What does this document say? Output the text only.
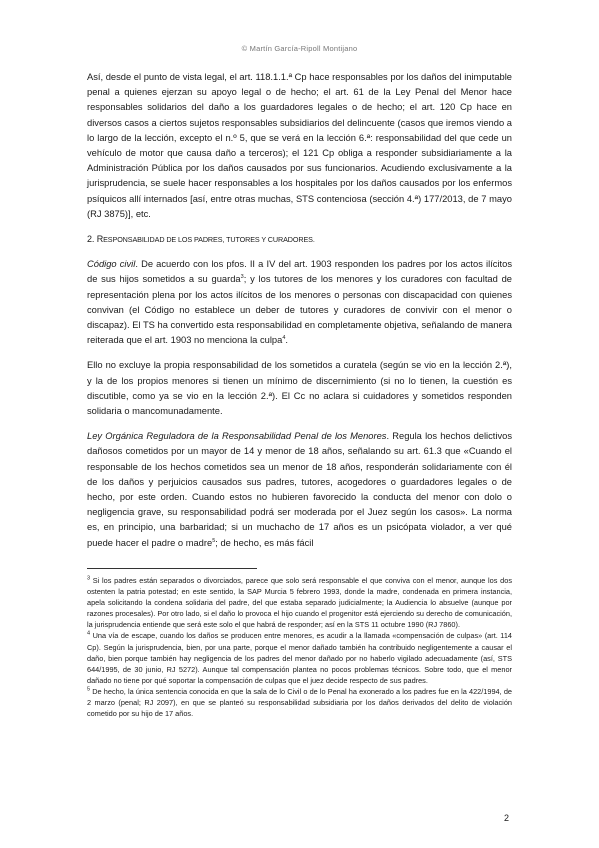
© Martín García-Ripoll Montijano

Así, desde el punto de vista legal, el art. 118.1.1.ª Cp hace responsables por los daños del inimputable penal a quienes ejerzan su apoyo legal o de hecho; el art. 61 de la Ley Penal del Menor hace responsables solidarios del daño a los guardadores legales o de hecho; el art. 120 Cp hace en diversos casos a ciertos sujetos responsables subsidiarios del delincuente (casos que iremos viendo a lo largo de la lección, excepto el n.º 5, que se verá en la lección 6.ª: responsabilidad del que cede un vehículo de motor que causa daño a terceros); el 121 Cp obliga a responder subsidiariamente a la Administración Pública por los daños causados por sus funcionarios. Acudiendo exclusivamente a la jurisprudencia, se suele hacer responsables a los hospitales por los daños causados por los enfermos psíquicos allí internados [así, entre otras muchas, STS contenciosa (sección 4.ª) 177/2013, de 7 mayo (RJ 3875)], etc.

2. RESPONSABILIDAD DE LOS PADRES, TUTORES Y CURADORES.

Código civil. De acuerdo con los pfos. II a IV del art. 1903 responden los padres por los actos ilícitos de sus hijos sometidos a su guarda$^3$; y los tutores de los menores y los curadores con facultad de representación plena por los actos ilícitos de los menores o personas con discapacidad con quienes convivan (el Código no establece un deber de tutores y curadores de convivir con el menor o discapaz). El TS ha convertido esta responsabilidad en completamente objetiva, señalando de manera reiterada que el art. 1903 no menciona la culpa$^4$.

Ello no excluye la propia responsabilidad de los sometidos a curatela (según se vio en la lección 2.ª), y la de los propios menores si tienen un mínimo de discernimiento (si no lo tienen, la cuestión es discutible, como ya se vio en la lección 2.ª). El Cc no aclara si cuidadores y sometidos responden solidaria o mancomunadamente.

Ley Orgánica Reguladora de la Responsabilidad Penal de los Menores. Regula los hechos delictivos dañosos cometidos por un mayor de 14 y menor de 18 años, señalando su art. 61.3 que «Cuando el responsable de los hechos cometidos sea un menor de 18 años, responderán solidariamente con él de los daños y perjuicios causados sus padres, tutores, acogedores o guardadores legales o de hecho, por este orden. Cuando estos no hubieren favorecido la conducta del menor con dolo o negligencia grave, su responsabilidad podrá ser moderada por el Juez según los casos». La norma es, en principio, una barbaridad; si un muchacho de 17 años es un psicópata violador, a ver qué puede hacer el padre o madre$^5$; de hecho, es más fácil

$^3$ Si los padres están separados o divorciados, parece que solo será responsable el que conviva con el menor, aunque los dos ostenten la patria potestad; en este sentido, la SAP Murcia 5 febrero 1993, donde la madre, condenada en primera instancia, apela solicitando la condena solidaria del padre, del que estaba separado judicialmente; la Audiencia lo absuelve (aunque por razones procesales). Por otro lado, si el daño lo provoca el hijo cuando el progenitor está ejerciendo su derecho de comunicación, la jurisprudencia entiende que será este solo el que habrá de responder; así en la STS 11 octubre 1990 (RJ 7860).

$^4$ Una vía de escape, cuando los daños se producen entre menores, es acudir a la llamada «compensación de culpas» (art. 114 Cp). Según la jurisprudencia, bien, por una parte, porque el menor dañado también ha contribuido negligentemente a causar el daño, bien porque también hay negligencia de los padres del menor dañado por no haberlo vigilado adecuadamente (así, STS 644/1995, de 30 junio, RJ 5272). Aunque tal compensación plantea no pocos problemas técnicos. Sobre todo, que el menor dañado no tiene por qué soportar la compensación de culpas que el juez decide respecto de sus padres.

$^5$ De hecho, la única sentencia conocida en que la sala de lo Civil o de lo Penal ha exonerado a los padres fue en la 422/1994, de 2 marzo (penal; RJ 2097), en que se planteó su responsabilidad subsidiaria por los daños derivados del delito de violación cometido por su hijo de 17 años.

2
